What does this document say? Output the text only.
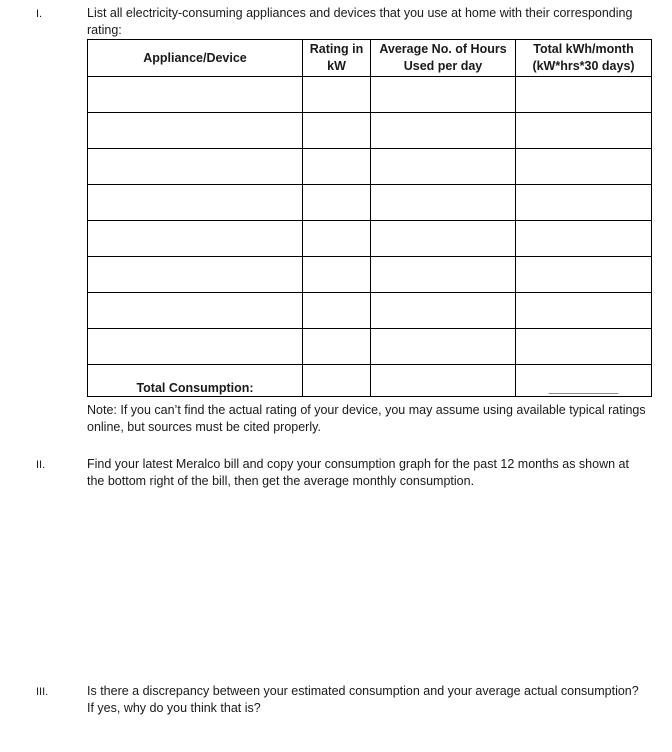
I.	List all electricity-consuming appliances and devices that you use at home with their corresponding rating:
Appliance/Device	Rating in kW	Average No. of Hours Used per day	Total kWh/month (kW*hrs*30 days)

Total Consumption:			__________
Note: If you can’t find the actual rating of your device, you may assume using available typical ratings online, but sources must be cited properly.
II.	Find your latest Meralco bill and copy your consumption graph for the past 12 months as shown at the bottom right of the bill, then get the average monthly consumption.
III.	Is there a discrepancy between your estimated consumption and your average actual consumption? If yes, why do you think that is?
